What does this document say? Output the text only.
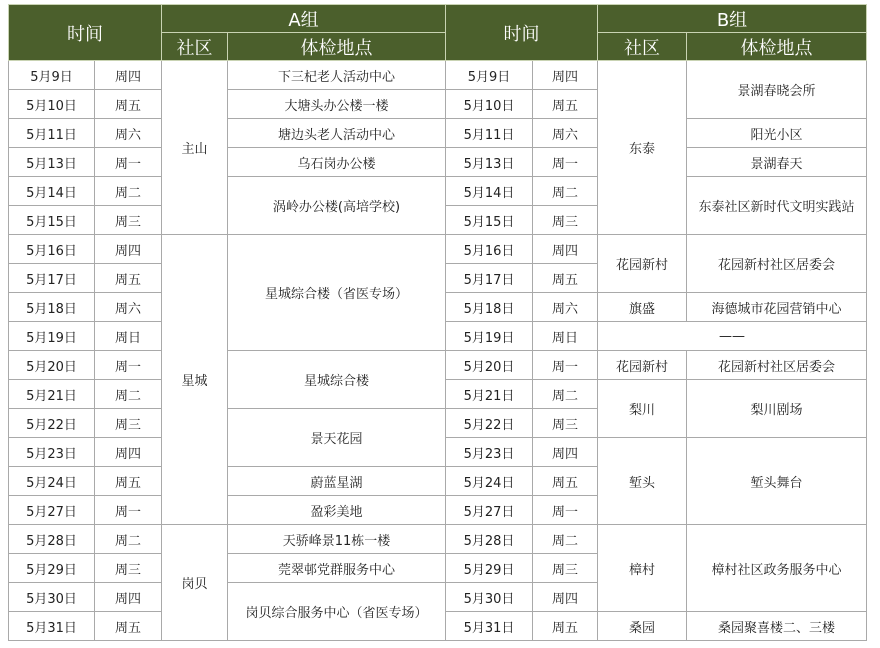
时间		A组		时间		B组	
		社区	体检地点			社区	体检地点
5月9日	周四	主山	下三杞老人活动中心	5月9日	周四	东泰	景湖春晓会所
5月10日	周五		大塘头办公楼一楼	5月10日	周五		
5月11日	周六		塘边头老人活动中心	5月11日	周六		阳光小区
5月13日	周一		乌石岗办公楼	5月13日	周一		景湖春天
5月14日	周二		涡岭办公楼(高培学校)	5月14日	周二		东泰社区新时代文明实践站
5月15日	周三			5月15日	周三		
5月16日	周四	星城	星城综合楼（省医专场）	5月16日	周四	花园新村	花园新村社区居委会
5月17日	周五			5月17日	周五		
5月18日	周六			5月18日	周六	旗盛	海德城市花园营销中心
5月19日	周日			5月19日	周日	——	
5月20日	周一		星城综合楼	5月20日	周一	花园新村	花园新村社区居委会
5月21日	周二			5月21日	周二	梨川	梨川剧场
5月22日	周三		景天花园	5月22日	周三		
5月23日	周四			5月23日	周四	堑头	堑头舞台
5月24日	周五		蔚蓝星湖	5月24日	周五		
5月27日	周一		盈彩美地	5月27日	周一		
5月28日	周二	岗贝	天骄峰景11栋一楼	5月28日	周二	樟村	樟村社区政务服务中心
5月29日	周三		莞翠邨党群服务中心	5月29日	周三		
5月30日	周四		岗贝综合服务中心（省医专场）	5月30日	周四		
5月31日	周五			5月31日	周五	桑园	桑园聚喜楼二、三楼
